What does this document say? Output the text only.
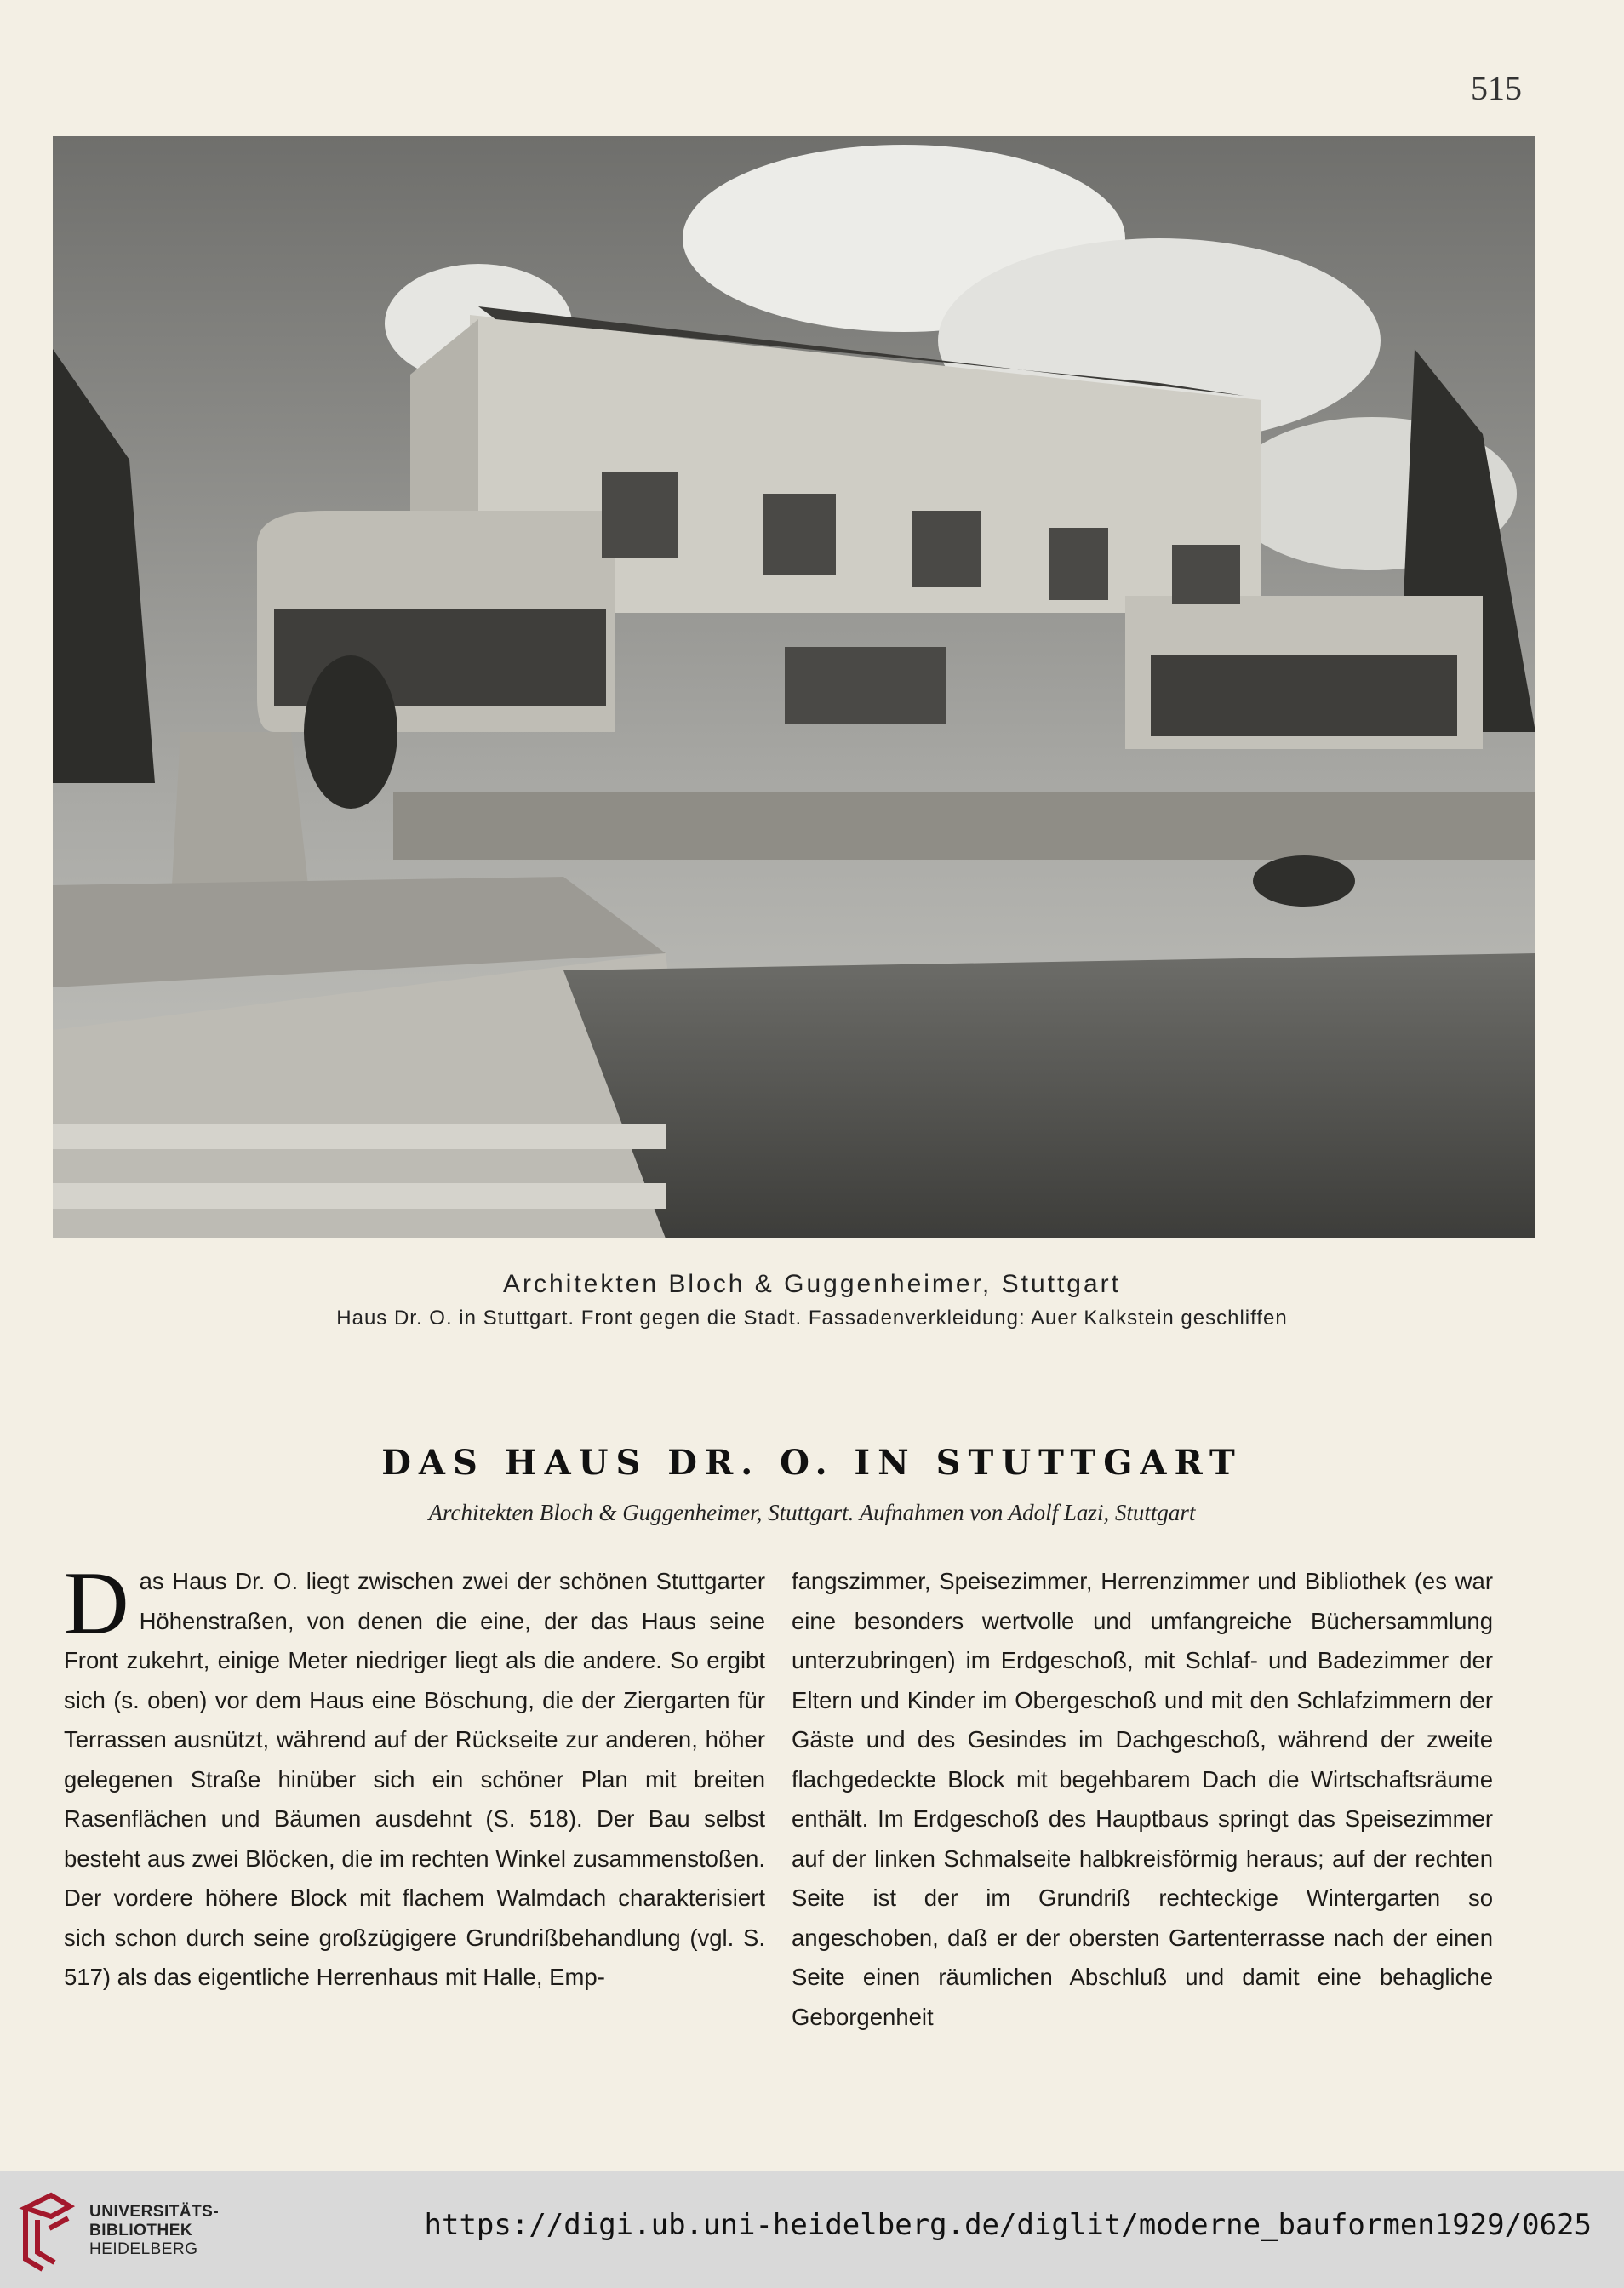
515
Architekten Bloch & Guggenheimer, Stuttgart
Haus Dr. O. in Stuttgart. Front gegen die Stadt. Fassadenverkleidung: Auer Kalkstein geschliffen
DAS HAUS DR. O. IN STUTTGART
Architekten Bloch & Guggenheimer, Stuttgart. Aufnahmen von Adolf Lazi, Stuttgart
D as Haus Dr. O. liegt zwischen zwei der schönen Stuttgarter Höhenstraßen, von denen die eine, der das Haus seine Front zukehrt, einige Meter niedriger liegt als die andere. So ergibt sich (s. oben) vor dem Haus eine Böschung, die der Ziergarten für Terrassen ausnützt, während auf der Rückseite zur anderen, höher gelegenen Straße hinüber sich ein schöner Plan mit breiten Rasenflächen und Bäumen ausdehnt (S. 518). Der Bau selbst besteht aus zwei Blöcken, die im rechten Winkel zusammenstoßen. Der vordere höhere Block mit flachem Walmdach charakterisiert sich schon durch seine großzügigere Grundrißbehandlung (vgl. S. 517) als das eigentliche Herrenhaus mit Halle, Emp-
fangszimmer, Speisezimmer, Herrenzimmer und Bibliothek (es war eine besonders wertvolle und umfangreiche Büchersammlung unterzubringen) im Erdgeschoß, mit Schlaf- und Badezimmer der Eltern und Kinder im Obergeschoß und mit den Schlafzimmern der Gäste und des Gesindes im Dachgeschoß, während der zweite flachgedeckte Block mit begehbarem Dach die Wirtschaftsräume enthält. Im Erdgeschoß des Hauptbaus springt das Speisezimmer auf der linken Schmalseite halbkreisförmig heraus; auf der rechten Seite ist der im Grundriß rechteckige Wintergarten so angeschoben, daß er der obersten Gartenterrasse nach der einen Seite einen räumlichen Abschluß und damit eine behagliche Geborgenheit
UNIVERSITÄTS-
BIBLIOTHEK
HEIDELBERG
https://digi.ub.uni-heidelberg.de/diglit/moderne_bauformen1929/0625
